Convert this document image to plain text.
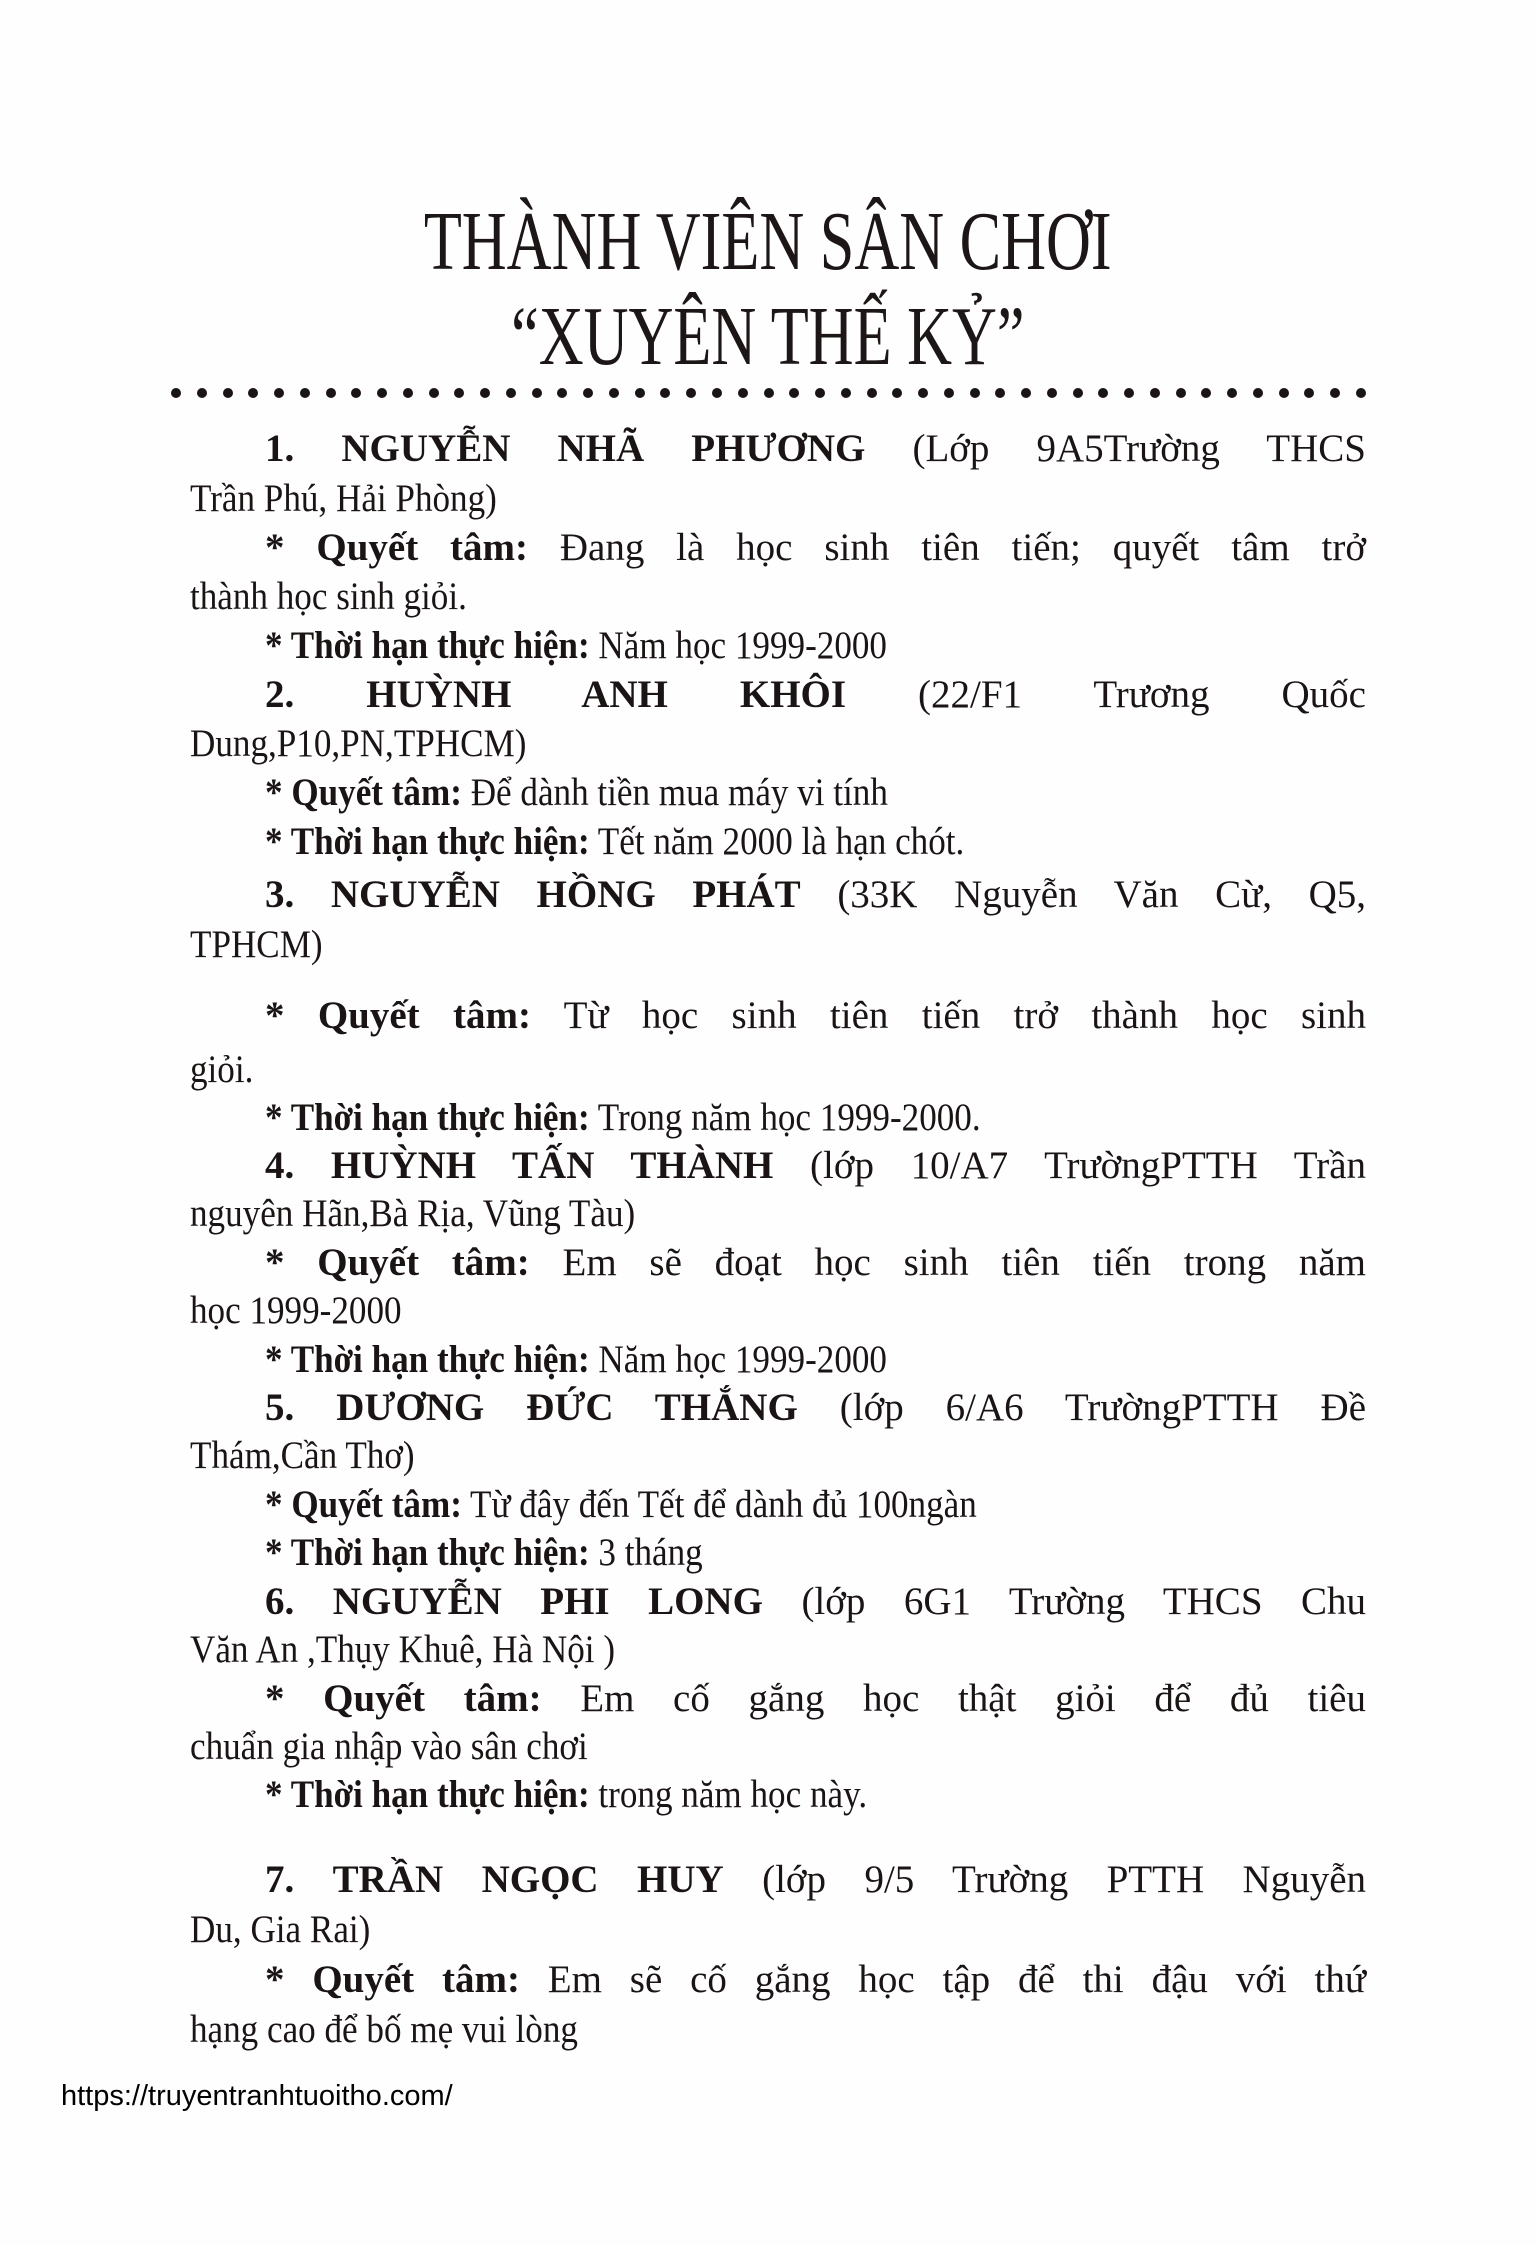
THÀNH VIÊN SÂN CHƠI
“XUYÊN THẾ KỶ”
1. NGUYỄN NHÃ PHƯƠNG (Lớp 9A5Trường THCS
Trần Phú, Hải Phòng)
* Quyết tâm: Đang là học sinh tiên tiến; quyết tâm trở
thành học sinh giỏi.
* Thời hạn thực hiện: Năm học 1999-2000
2. HUỲNH ANH KHÔI (22/F1 Trương Quốc
Dung,P10,PN,TPHCM)
* Quyết tâm: Để dành tiền mua máy vi tính
* Thời hạn thực hiện: Tết năm 2000 là hạn chót.
3. NGUYỄN HỒNG PHÁT (33K Nguyễn Văn Cừ, Q5,
TPHCM)
* Quyết tâm: Từ học sinh tiên tiến trở thành học sinh
giỏi.
* Thời hạn thực hiện: Trong năm học 1999-2000.
4. HUỲNH TẤN THÀNH (lớp 10/A7 TrườngPTTH Trần
nguyên Hãn,Bà Rịa, Vũng Tàu)
* Quyết tâm: Em sẽ đoạt học sinh tiên tiến trong năm
học 1999-2000
* Thời hạn thực hiện: Năm học 1999-2000
5. DƯƠNG ĐỨC THẮNG (lớp 6/A6 TrườngPTTH Đề
Thám,Cần Thơ)
* Quyết tâm: Từ đây đến Tết để dành đủ 100ngàn
* Thời hạn thực hiện: 3 tháng
6. NGUYỄN PHI LONG (lớp 6G1 Trường THCS Chu
Văn An ,Thụy Khuê, Hà Nội )
* Quyết tâm: Em cố gắng học thật giỏi để đủ tiêu
chuẩn gia nhập vào sân chơi
* Thời hạn thực hiện: trong năm học này.
7. TRẦN NGỌC HUY (lớp 9/5 Trường PTTH Nguyễn
Du, Gia Rai)
* Quyết tâm: Em sẽ cố gắng học tập để thi đậu với thứ
hạng cao để bố mẹ vui lòng
https://truyentranhtuoitho.com/
